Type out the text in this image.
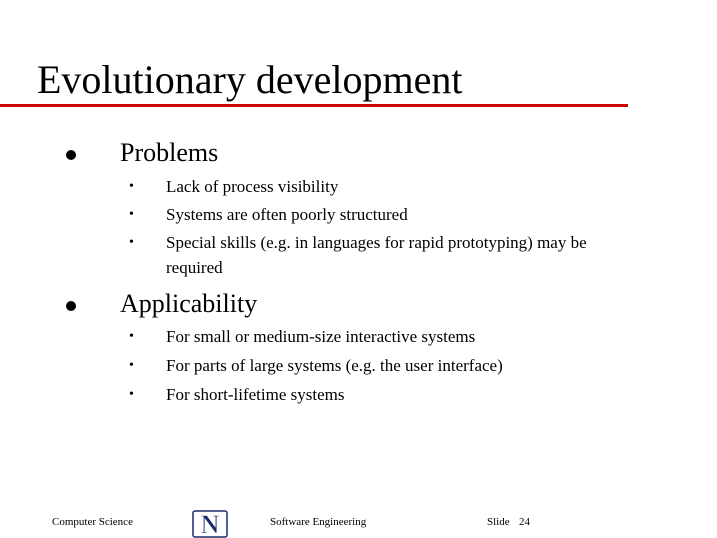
Evolutionary development
Problems
• Lack of process visibility
• Systems are often poorly structured
• Special skills (e.g. in languages for rapid prototyping) may be
required
Applicability
• For small or medium-size interactive systems
• For parts of large systems (e.g. the user interface)
• For short-lifetime systems
Computer Science	N	Software Engineering	Slide 24
